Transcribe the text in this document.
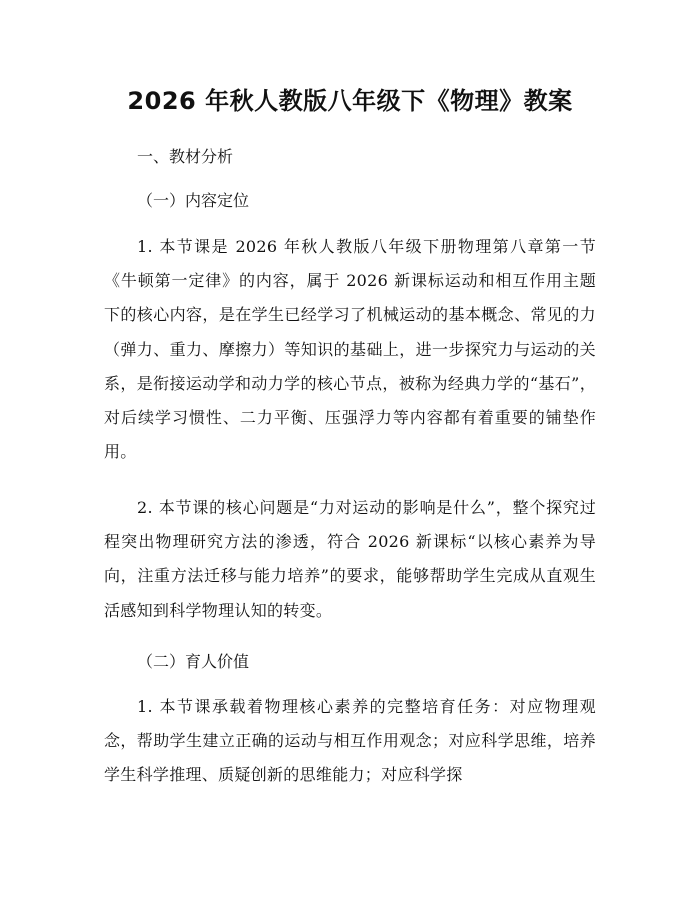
2026 年秋人教版八年级下《物理》教案

一、教材分析

（一）内容定位

1. 本节课是 2026 年秋人教版八年级下册物理第八章第一节《牛顿第一定律》的内容，属于 2026 新课标运动和相互作用主题下的核心内容，是在学生已经学习了机械运动的基本概念、常见的力（弹力、重力、摩擦力）等知识的基础上，进一步探究力与运动的关系，是衔接运动学和动力学的核心节点，被称为经典力学的“基石”，对后续学习惯性、二力平衡、压强浮力等内容都有着重要的铺垫作用。

2. 本节课的核心问题是“力对运动的影响是什么”，整个探究过程突出物理研究方法的渗透，符合 2026 新课标“以核心素养为导向，注重方法迁移与能力培养”的要求，能够帮助学生完成从直观生活感知到科学物理认知的转变。

（二）育人价值

1. 本节课承载着物理核心素养的完整培育任务：对应物理观念，帮助学生建立正确的运动与相互作用观念；对应科学思维，培养学生科学推理、质疑创新的思维能力；对应科学探
